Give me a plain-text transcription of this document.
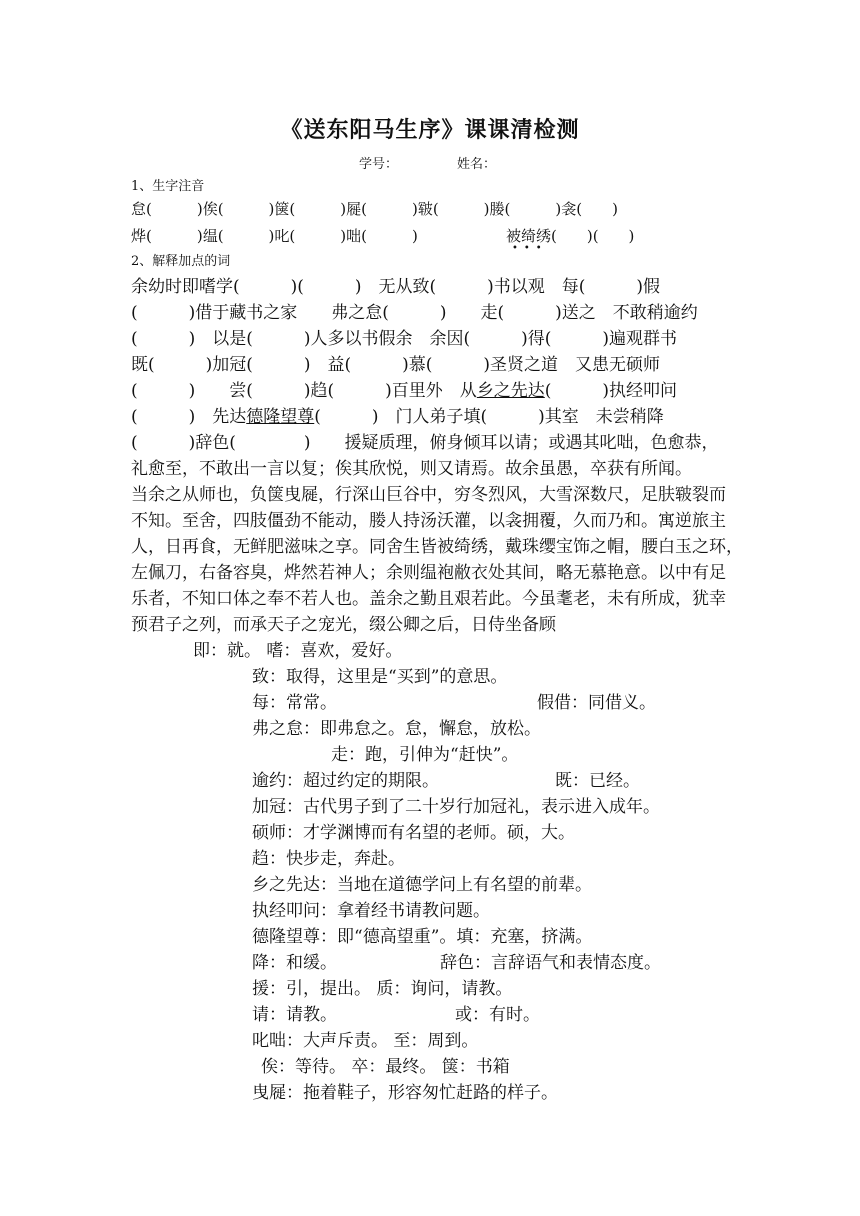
《送东阳马生序》课课清检测
学号：	姓名：
1、生字注音
怠(　　　)俟(　　　)箧(　　　)屣(　　　)皲(　　　)媵(　　　)衾(　　)
烨(　　　)缊(　　　)叱(　　　)咄(　　　)	被绮绣(　　)(　　)
•••
2、解释加点的词
余幼时即嗜学(　　　)(　　　)　无从致(　　　)书以观　每(　　　)假
(　　　)借于藏书之家　　弗之怠(　　　)　　走(　　　)送之　不敢稍逾约
(　　　)　以是(　　　)人多以书假余　余因(　　　)得(　　　)遍观群书
既(　　　)加冠(　　　)　益(　　　)慕(　　　)圣贤之道　又患无硕师
(　　　)　　尝(　　　)趋(　　　)百里外　从乡之先达(　　　)执经叩问
(　　　)　先达德隆望尊(　　　)　门人弟子填(　　　)其室　未尝稍降
(　　　)辞色(　　　　)　　援疑质理，俯身倾耳以请；或遇其叱咄，色愈恭，
礼愈至，不敢出一言以复；俟其欣悦，则又请焉。故余虽愚，卒获有所闻。
当余之从师也，负箧曳屣，行深山巨谷中，穷冬烈风，大雪深数尺，足肤皲裂而
不知。至舍，四肢僵劲不能动，媵人持汤沃灌，以衾拥覆，久而乃和。寓逆旅主
人，日再食，无鲜肥滋味之享。同舍生皆被绮绣，戴珠缨宝饰之帽，腰白玉之环，
左佩刀，右备容臭，烨然若神人；余则缊袍敝衣处其间，略无慕艳意。以中有足
乐者，不知口体之奉不若人也。盖余之勤且艰若此。今虽耄老，未有所成，犹幸
预君子之列，而承天子之宠光，缀公卿之后，日侍坐备顾
即：就。 嗜：喜欢，爱好。
致：取得，这里是“买到”的意思。
每：常常。	假借：同借义。
弗之怠：即弗怠之。怠，懈怠，放松。
走：跑，引伸为“赶快”。
逾约：超过约定的期限。	既：已经。
加冠：古代男子到了二十岁行加冠礼，表示进入成年。
硕师：才学渊博而有名望的老师。硕，大。
趋：快步走，奔赴。
乡之先达：当地在道德学问上有名望的前辈。
执经叩问：拿着经书请教问题。
德隆望尊：即“德高望重”。填：充塞，挤满。
降：和缓。	辞色：言辞语气和表情态度。
援：引，提出。 质：询问，请教。
请：请教。	或：有时。
叱咄：大声斥责。 至：周到。
俟：等待。 卒：最终。 箧：书箱
曳屣：拖着鞋子，形容匆忙赶路的样子。
